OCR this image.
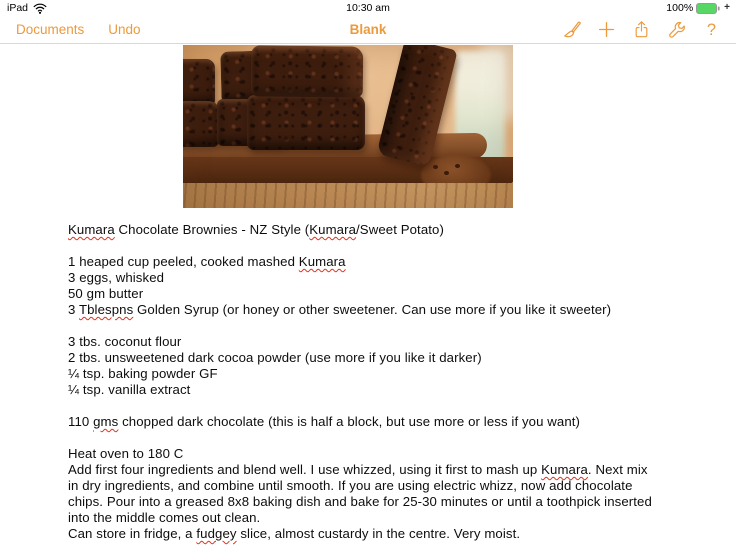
iPad	10:30 am	100%	+
Documents Undo	Blank	?
Kumara Chocolate Brownies - NZ Style (Kumara/Sweet Potato)
1 heaped cup peeled, cooked mashed Kumara
3 eggs, whisked
50 gm butter
3 Tblespns Golden Syrup (or honey or other sweetener. Can use more if you like it sweeter)
3 tbs. coconut flour
2 tbs. unsweetened dark cocoa powder (use more if you like it darker)
¼ tsp. baking powder GF
¼ tsp. vanilla extract
110 gms chopped dark chocolate (this is half a block, but use more or less if you want)
Heat oven to 180 C
Add first four ingredients and blend well. I use whizzed, using it first to mash up Kumara. Next mix
in dry ingredients, and combine until smooth. If you are using electric whizz, now add chocolate
chips. Pour into a greased 8x8 baking dish and bake for 25-30 minutes or until a toothpick inserted
into the middle comes out clean.
Can store in fridge, a fudgey slice, almost custardy in the centre. Very moist.
